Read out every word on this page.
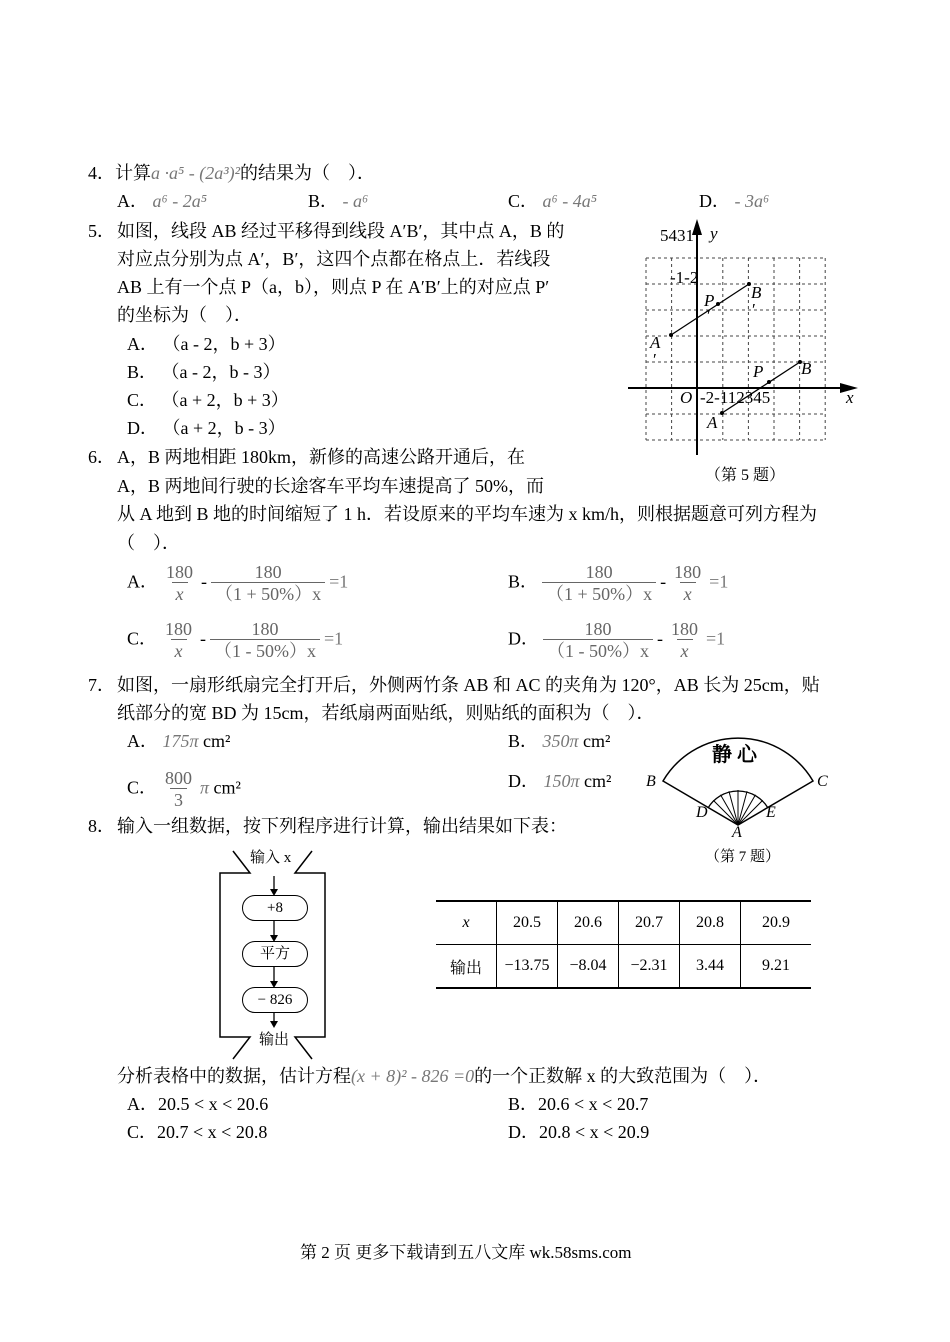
4．计算a ·a⁵ - (2a³)²的结果为（　）．
A． a⁶ - 2a⁵	B． - a⁶	C． a⁶ - 4a⁵	D． - 3a⁶
5． 如图，线段 AB 经过平移得到线段 A′B′，其中点 A，B 的
对应点分别为点 A′，B′，这四个点都在格点上．若线段
AB 上有一个点 P（a，b），则点 P 在 A′B′上的对应点 P′
的坐标为（　）．
A． （a - 2，b + 3）
B． （a - 2，b - 3）
C． （a + 2，b + 3）
D． （a + 2，b - 3）
5431 y
x
O -2-112345
-1-2
A
′
B
′
P
′
A
B
P
（第 5 题）
6． A，B 两地相距 180km，新修的高速公路开通后，在
A，B 两地间行驶的长途客车平均车速提高了 50%，而
从 A 地到 B 地的时间缩短了 1 h．若设原来的平均车速为 x km/h，则根据题意可列方程为
（　）．
A． $\frac{180}{x} - \frac{180}{(1 + 50\%)x} =1$	B． $\frac{180}{(1 + 50\%)x} - \frac{180}{x} =1$
C． $\frac{180}{x} - \frac{180}{(1 - 50\%)x} =1$	D． $\frac{180}{(1 - 50\%)x} - \frac{180}{x} =1$
7． 如图，一扇形纸扇完全打开后，外侧两竹条 AB 和 AC 的夹角为 120°，AB 长为 25cm，贴
纸部分的宽 BD 为 15cm，若纸扇两面贴纸，则贴纸的面积为（　）．
A． 175π cm²	B． 350π cm²
C． $\frac{800}{3}$ π cm²	D． 150π cm²
静 心
B	C
D	E
A
（第 7 题）
8． 输入一组数据，按下列程序进行计算，输出结果如下表：
输入 x
输出
+8
平方
− 826
x	20.5	20.6	20.7	20.8	20.9
输出	−13.75	−8.04	−2.31	3.44	9.21
分析表格中的数据，估计方程(x + 8)² - 826 =0的一个正数解 x 的大致范围为（　）．
A．20.5 < x < 20.6	B．20.6 < x < 20.7
C．20.7 < x < 20.8	D．20.8 < x < 20.9
第 2 页 更多下载请到五八文库 wk.58sms.com
